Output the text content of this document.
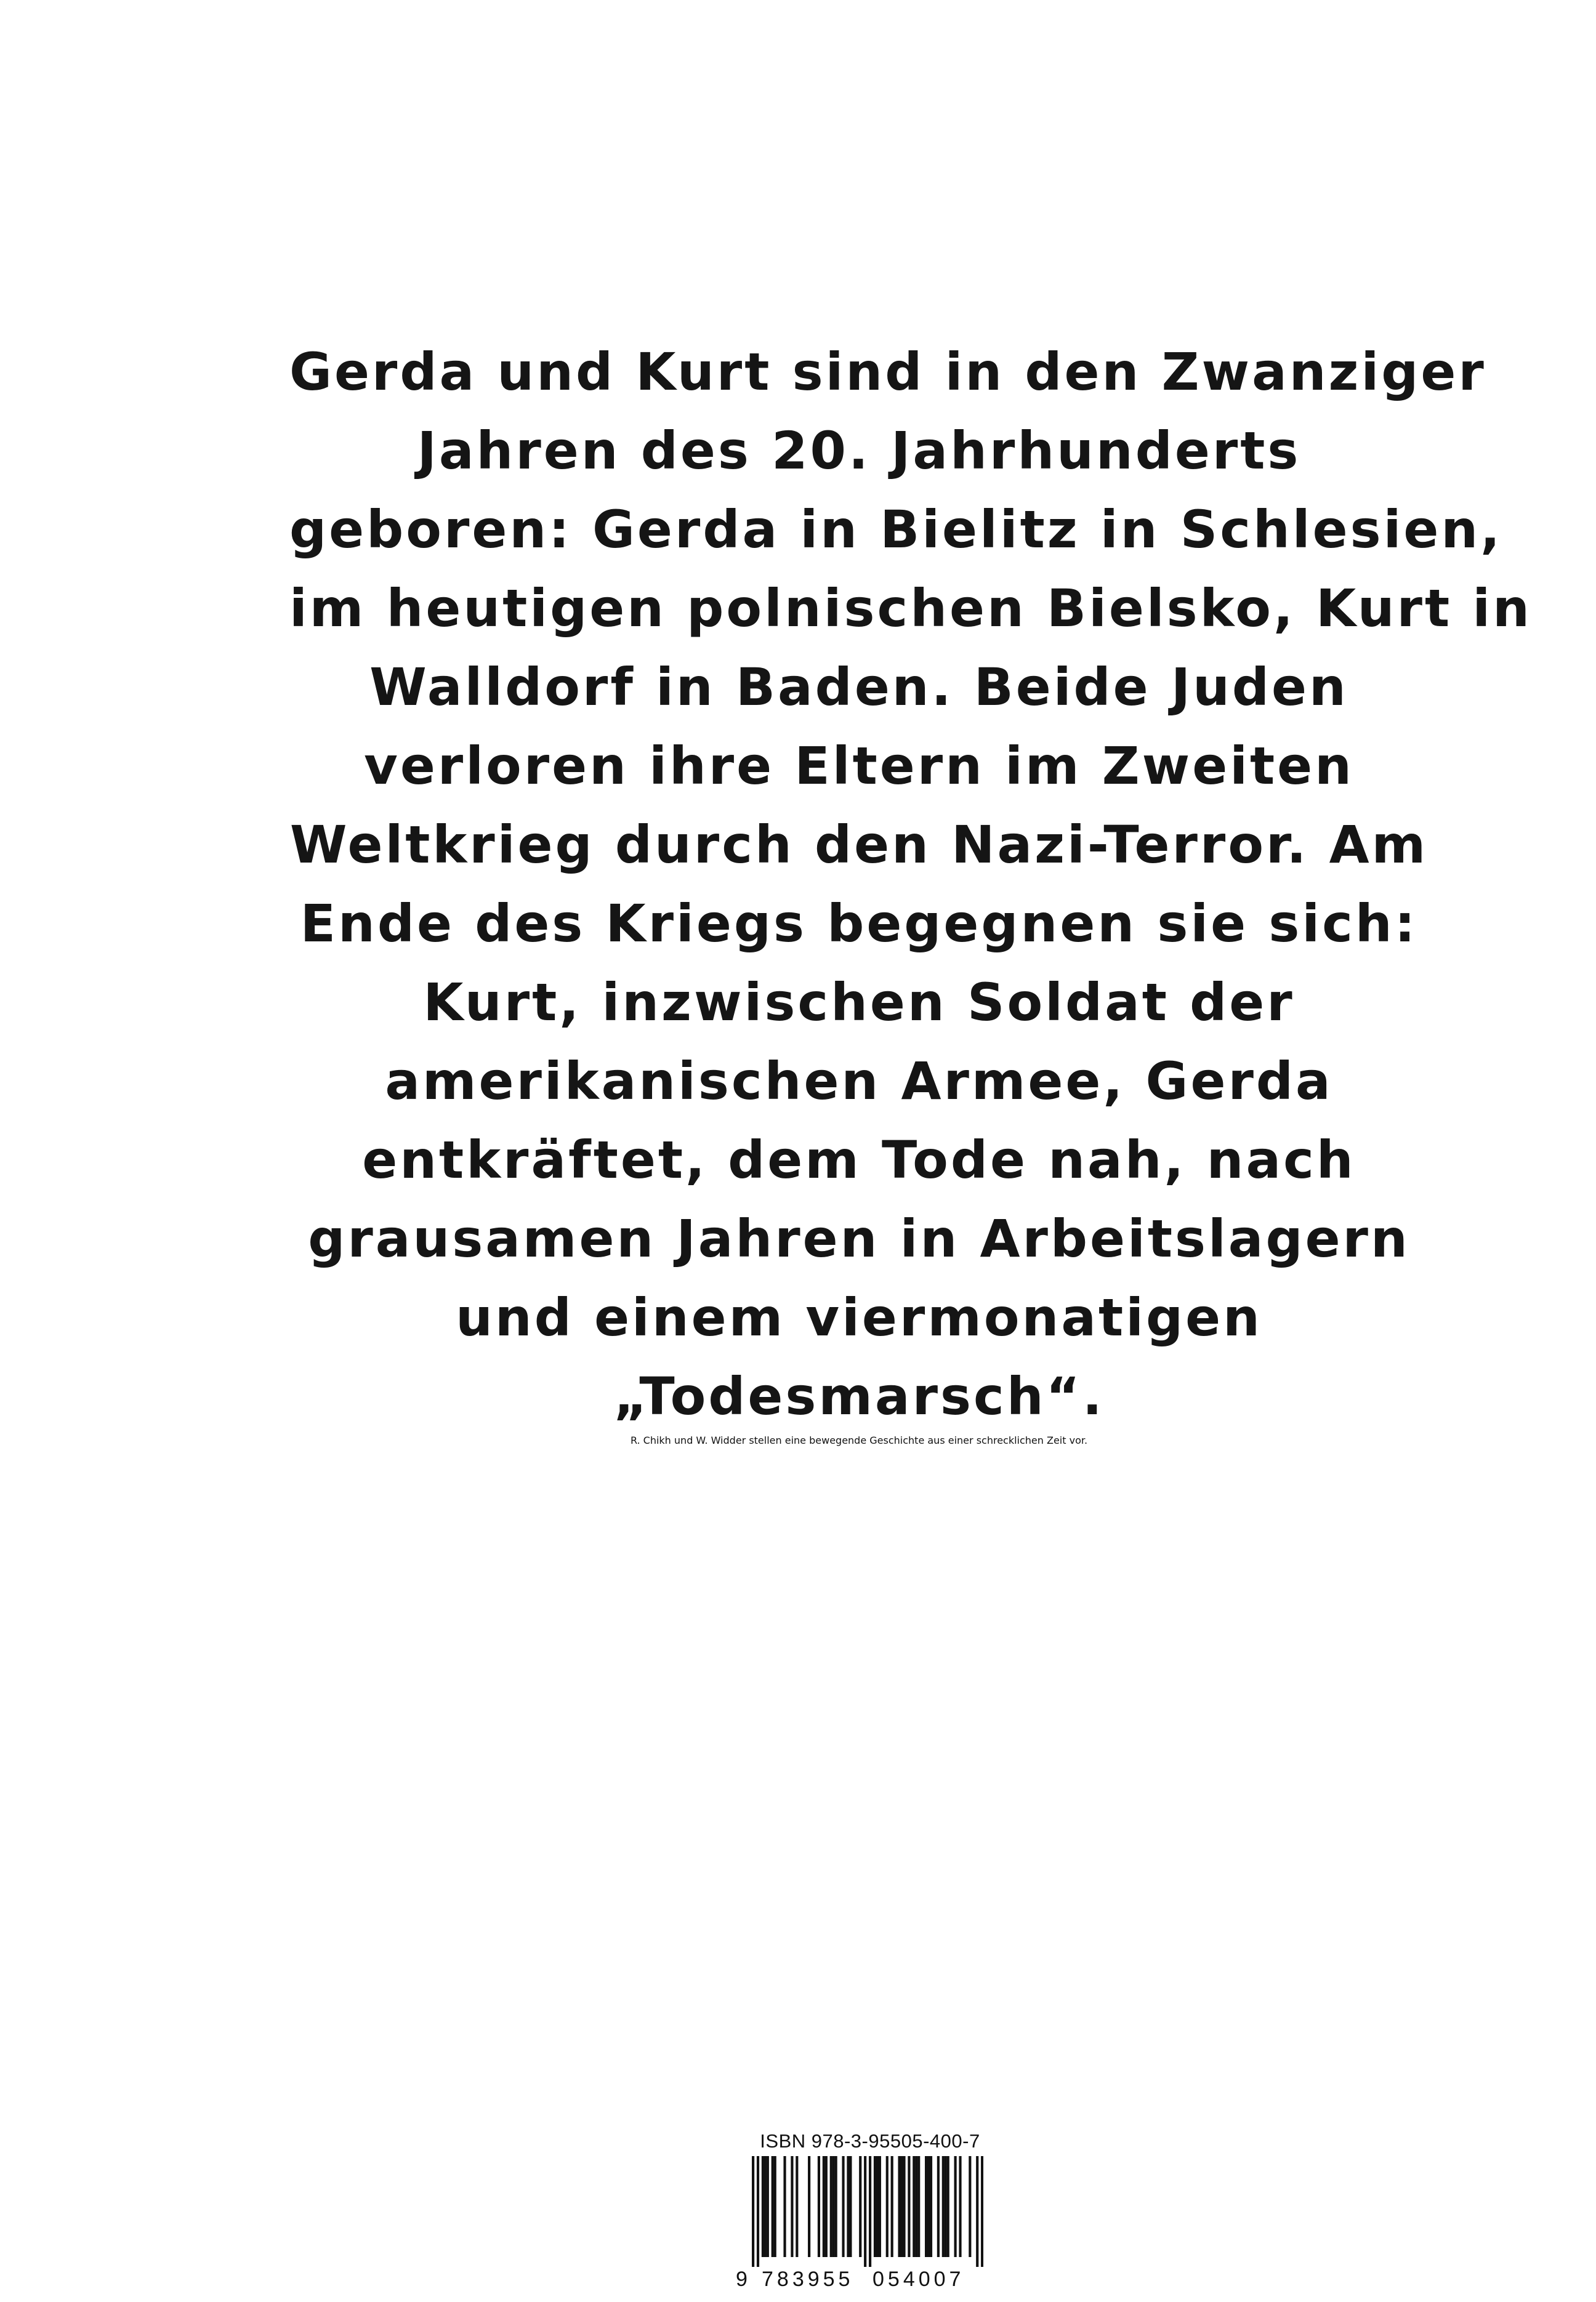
Gerda und Kurt sind in den Zwanziger
Jahren des 20. Jahrhunderts
geboren: Gerda in Bielitz in Schlesien,
im heutigen polnischen Bielsko, Kurt in
Walldorf in Baden. Beide Juden
verloren ihre Eltern im Zweiten
Weltkrieg durch den Nazi-Terror. Am
Ende des Kriegs begegnen sie sich:
Kurt, inzwischen Soldat der
amerikanischen Armee, Gerda
entkräftet, dem Tode nah, nach
grausamen Jahren in Arbeitslagern
und einem viermonatigen
„Todesmarsch“.
R. Chikh und W. Widder stellen eine bewegende Geschichte aus einer schrecklichen Zeit vor.
ISBN 978-3-95505-400-7
9 783955 054007
